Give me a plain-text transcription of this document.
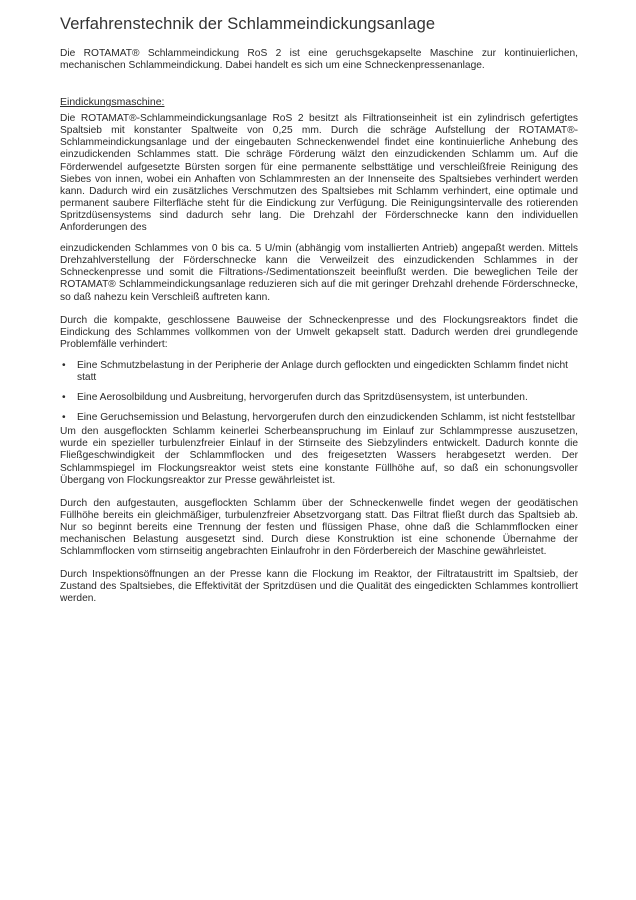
Verfahrenstechnik der Schlammeindickungsanlage

Die ROTAMAT® Schlammeindickung RoS 2 ist eine geruchsgekapselte Maschine zur kontinuierlichen, mechanischen Schlammeindickung. Dabei handelt es sich um eine Schneckenpressenanlage.

Eindickungsmaschine:

Die ROTAMAT®-Schlammeindickungsanlage RoS 2 besitzt als Filtrationseinheit ist ein zylindrisch gefertigtes Spaltsieb mit konstanter Spaltweite von 0,25 mm. Durch die schräge Aufstellung der ROTAMAT®-Schlammeindickungsanlage und der eingebauten Schneckenwendel findet eine kontinuierliche Anhebung des einzudickenden Schlammes statt. Die schräge Förderung wälzt den einzudickenden Schlamm um. Auf die Förderwendel aufgesetzte Bürsten sorgen für eine permanente selbsttätige und verschleißfreie Reinigung des Siebes von innen, wobei ein Anhaften von Schlammresten an der Innenseite des Spaltsiebes verhindert werden kann. Dadurch wird ein zusätzliches Verschmutzen des Spaltsiebes mit Schlamm verhindert, eine optimale und permanent saubere Filterfläche steht für die Eindickung zur Verfügung. Die Reinigungsintervalle des rotierenden Spritzdüsensystems sind dadurch sehr lang. Die Drehzahl der Förderschnecke kann den individuellen Anforderungen des

einzudickenden Schlammes von 0 bis ca. 5 U/min (abhängig vom installierten Antrieb) angepaßt werden. Mittels Drehzahlverstellung der Förderschnecke kann die Verweilzeit des einzudickenden Schlammes in der Schneckenpresse und somit die Filtrations-/Sedimentationszeit beeinflußt werden. Die beweglichen Teile der ROTAMAT® Schlammeindickungsanlage reduzieren sich auf die mit geringer Drehzahl drehende Förderschnecke, so daß nahezu kein Verschleiß auftreten kann.

Durch die kompakte, geschlossene Bauweise der Schneckenpresse und des Flockungsreaktors findet die Eindickung des Schlammes vollkommen von der Umwelt gekapselt statt. Dadurch werden drei grundlegende Problemfälle verhindert:

• Eine Schmutzbelastung in der Peripherie der Anlage durch geflockten und eingedickten Schlamm findet nicht statt
• Eine Aerosolbildung und Ausbreitung, hervorgerufen durch das Spritzdüsensystem, ist unterbunden.
• Eine Geruchsemission und Belastung, hervorgerufen durch den einzudickenden Schlamm, ist nicht feststellbar

Um den ausgeflockten Schlamm keinerlei Scherbeanspruchung im Einlauf zur Schlammpresse auszusetzen, wurde ein spezieller turbulenzfreier Einlauf in der Stirnseite des Siebzylinders entwickelt. Dadurch konnte die Fließgeschwindigkeit der Schlammflocken und des freigesetzten Wassers herabgesetzt werden. Der Schlammspiegel im Flockungsreaktor weist stets eine konstante Füllhöhe auf, so daß ein schonungsvoller Übergang von Flockungsreaktor zur Presse gewährleistet ist.

Durch den aufgestauten, ausgeflockten Schlamm über der Schneckenwelle findet wegen der geodätischen Füllhöhe bereits ein gleichmäßiger, turbulenzfreier Absetzvorgang statt. Das Filtrat fließt durch das Spaltsieb ab. Nur so beginnt bereits eine Trennung der festen und flüssigen Phase, ohne daß die Schlammflocken einer mechanischen Belastung ausgesetzt sind. Durch diese Konstruktion ist eine schonende Übernahme der Schlammflocken vom stirnseitig angebrachten Einlaufrohr in den Förderbereich der Maschine gewährleistet.

Durch Inspektionsöffnungen an der Presse kann die Flockung im Reaktor, der Filtrataustritt im Spaltsieb, der Zustand des Spaltsiebes, die Effektivität der Spritzdüsen und die Qualität des eingedickten Schlammes kontrolliert werden.
